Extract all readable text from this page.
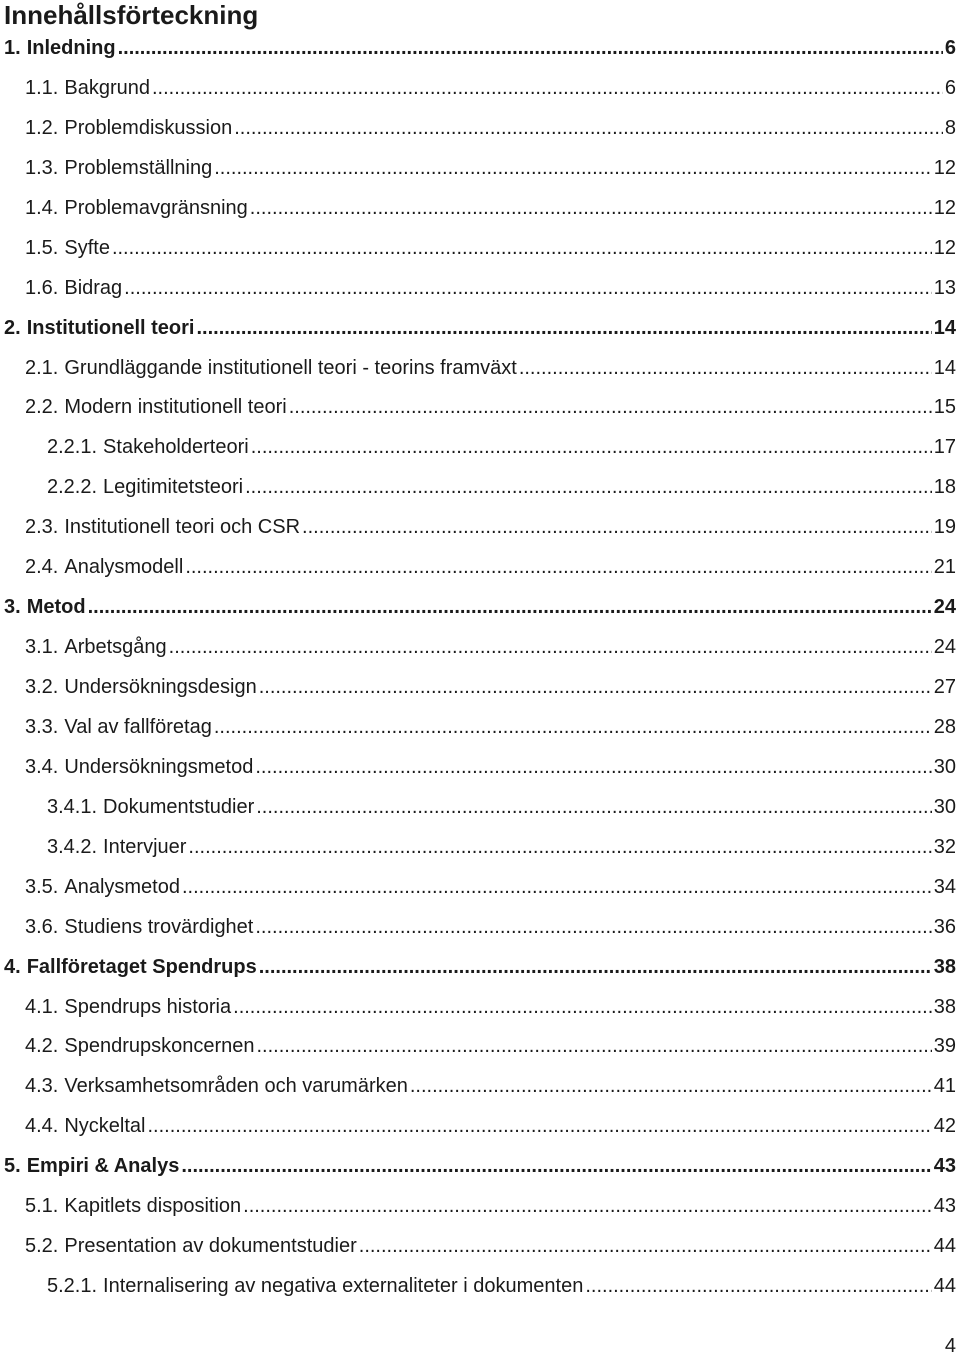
Innehållsförteckning
1. Inledning .....	6
1.1. Bakgrund .....	6
1.2. Problemdiskussion .....	8
1.3. Problemställning .....	12
1.4. Problemavgränsning .....	12
1.5. Syfte .....	12
1.6. Bidrag .....	13
2. Institutionell teori .....	14
2.1. Grundläggande institutionell teori - teorins framväxt .....	14
2.2. Modern institutionell teori .....	15
2.2.1. Stakeholderteori .....	17
2.2.2. Legitimitetsteori .....	18
2.3. Institutionell teori och CSR .....	19
2.4. Analysmodell .....	21
3. Metod .....	24
3.1. Arbetsgång .....	24
3.2. Undersökningsdesign .....	27
3.3. Val av fallföretag .....	28
3.4. Undersökningsmetod .....	30
3.4.1. Dokumentstudier .....	30
3.4.2. Intervjuer .....	32
3.5. Analysmetod .....	34
3.6. Studiens trovärdighet .....	36
4. Fallföretaget Spendrups .....	38
4.1. Spendrups historia .....	38
4.2. Spendrupskoncernen .....	39
4.3. Verksamhetsområden och varumärken .....	41
4.4. Nyckeltal .....	42
5. Empiri & Analys .....	43
5.1. Kapitlets disposition .....	43
5.2. Presentation av dokumentstudier .....	44
5.2.1. Internalisering av negativa externaliteter i dokumenten .....	44
4
